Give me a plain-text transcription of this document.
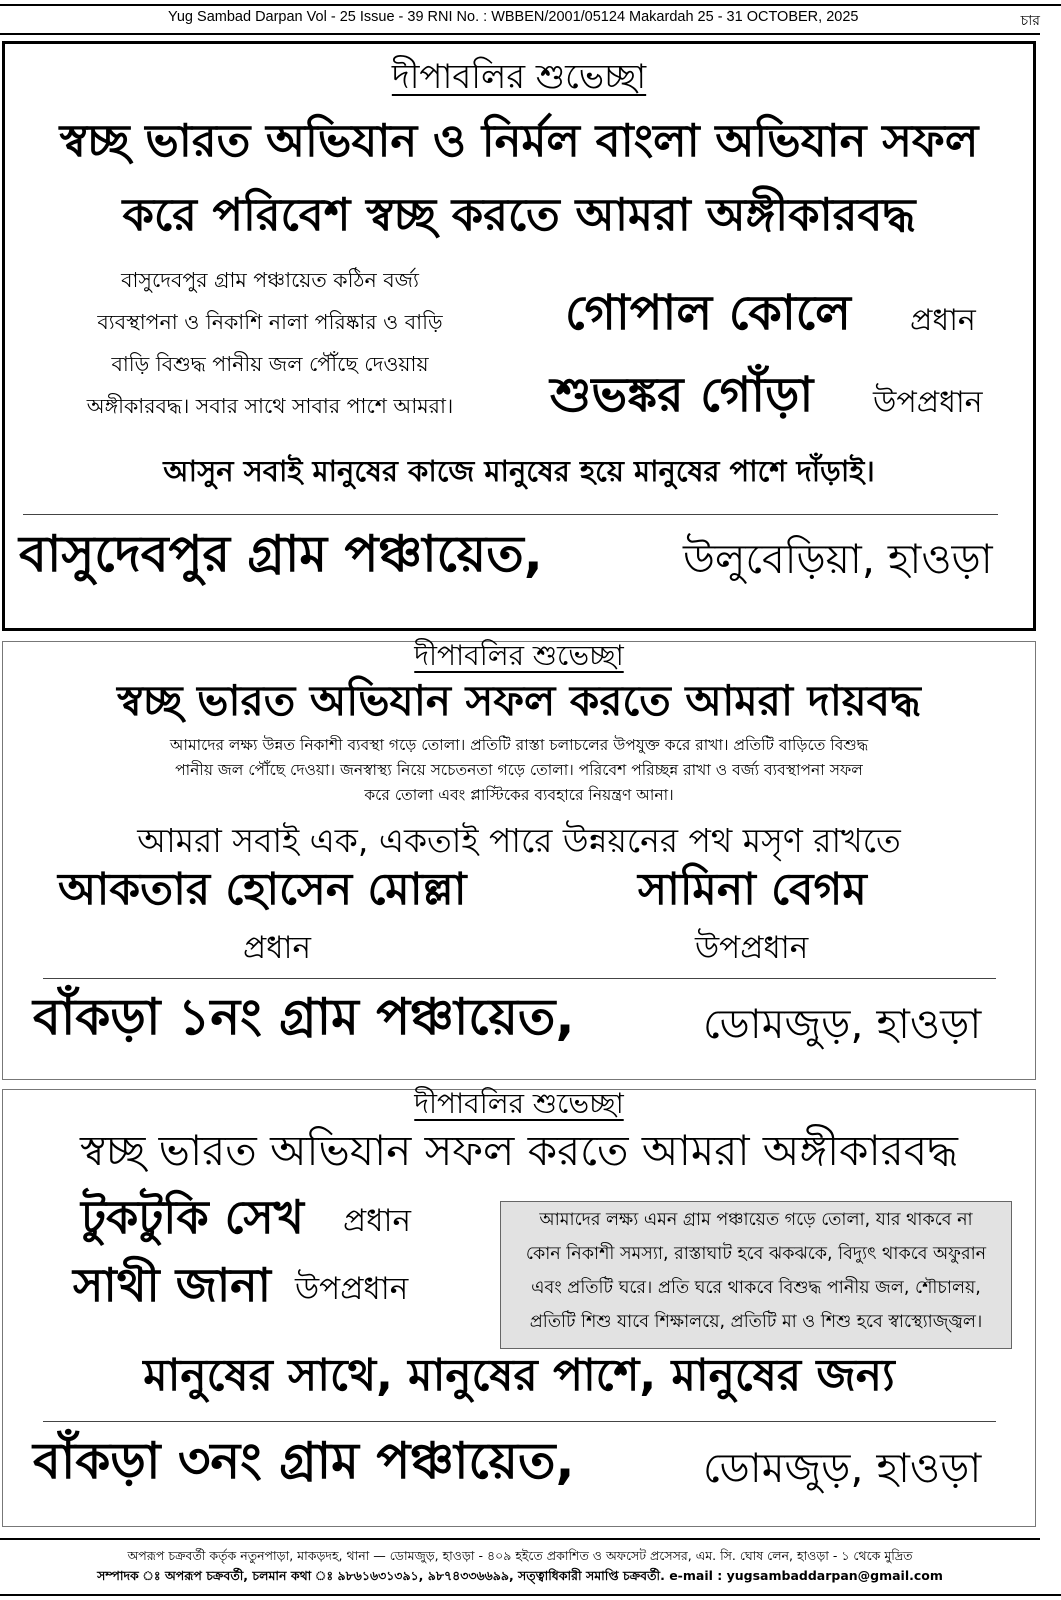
Yug Sambad Darpan Vol - 25 Issue - 39 RNI No. : WBBEN/2001/05124 Makardah 25 - 31 OCTOBER, 2025	চার
দীপাবলির শুভেচ্ছা
স্বচ্ছ ভারত অভিযান ও নির্মল বাংলা অভিযান সফল
করে পরিবেশ স্বচ্ছ করতে আমরা অঙ্গীকারবদ্ধ
বাসুদেবপুর গ্রাম পঞ্চায়েত কঠিন বর্জ্য
ব্যবস্থাপনা ও নিকাশি নালা পরিষ্কার ও বাড়ি
বাড়ি বিশুদ্ধ পানীয় জল পৌঁছে দেওয়ায়
অঙ্গীকারবদ্ধ। সবার সাথে সাবার পাশে আমরা।
গোপাল কোলে প্রধান
শুভঙ্কর গোঁড়া উপপ্রধান
আসুন সবাই মানুষের কাজে মানুষের হয়ে মানুষের পাশে দাঁড়াই।
বাসুদেবপুর গ্রাম পঞ্চায়েত,	উলুবেড়িয়া, হাওড়া
দীপাবলির শুভেচ্ছা
স্বচ্ছ ভারত অভিযান সফল করতে আমরা দায়বদ্ধ
আমাদের লক্ষ্য উন্নত নিকাশী ব্যবস্থা গড়ে তোলা। প্রতিটি রাস্তা চলাচলের উপযুক্ত করে রাখা। প্রতিটি বাড়িতে বিশুদ্ধ
পানীয় জল পৌঁছে দেওয়া। জনস্বাস্থ্য নিয়ে সচেতনতা গড়ে তোলা। পরিবেশ পরিচ্ছন্ন রাখা ও বর্জ্য ব্যবস্থাপনা সফল
করে তোলা এবং প্লাস্টিকের ব্যবহারে নিয়ন্ত্রণ আনা।
আমরা সবাই এক, একতাই পারে উন্নয়নের পথ মসৃণ রাখতে
আকতার হোসেন মোল্লা	সামিনা বেগম
প্রধান	উপপ্রধান
বাঁকড়া ১নং গ্রাম পঞ্চায়েত,	ডোমজুড়, হাওড়া
দীপাবলির শুভেচ্ছা
স্বচ্ছ ভারত অভিযান সফল করতে আমরা অঙ্গীকারবদ্ধ
টুকটুকি সেখ প্রধান
সাথী জানা উপপ্রধান
আমাদের লক্ষ্য এমন গ্রাম পঞ্চায়েত গড়ে তোলা, যার থাকবে না
কোন নিকাশী সমস্যা, রাস্তাঘাট হবে ঝকঝকে, বিদ্যুৎ থাকবে অফুরান
এবং প্রতিটি ঘরে। প্রতি ঘরে থাকবে বিশুদ্ধ পানীয় জল, শৌচালয়,
প্রতিটি শিশু যাবে শিক্ষালয়ে, প্রতিটি মা ও শিশু হবে স্বাস্থ্যোজ্জ্বল।
মানুষের সাথে, মানুষের পাশে, মানুষের জন্য
বাঁকড়া ৩নং গ্রাম পঞ্চায়েত,	ডোমজুড়, হাওড়া
অপরূপ চক্রবর্তী কর্তৃক নতুনপাড়া, মাকড়দহ, থানা — ডোমজুড়, হাওড়া - ৪০৯ হইতে প্রকাশিত ও অফসেট প্রসেসর, এম. সি. ঘোষ লেন, হাওড়া - ১ থেকে মুদ্রিত
সম্পাদক ঃ অপরূপ চক্রবর্তী, চলমান কথা ঃ ৯৮৬১৬৩১৩৯১, ৯৮৭৪৩৩৬৬৯৯, সত্ত্বাধিকারী সমাপ্তি চক্রবর্তী. e-mail : yugsambaddarpan@gmail.com
